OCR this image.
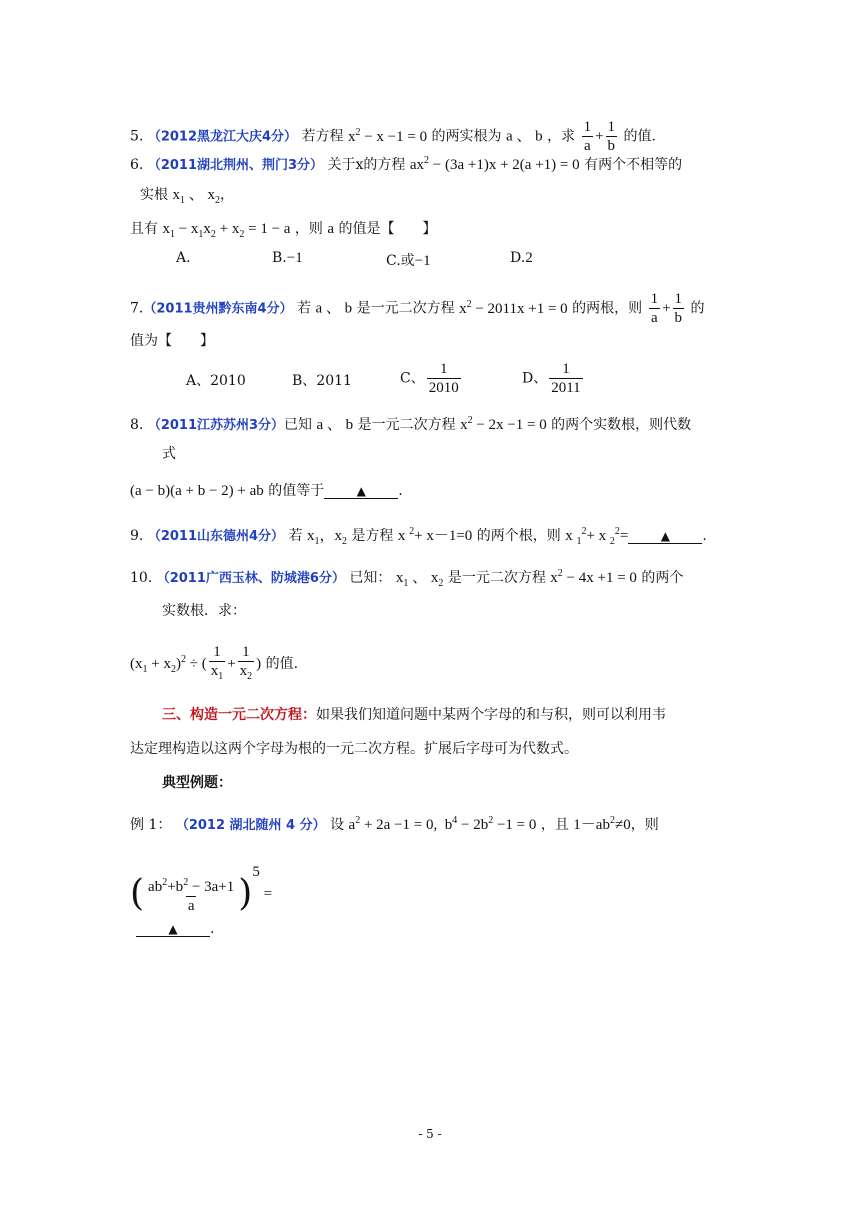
5. （2012黑龙江大庆4分） 若方程 $x^2 - x -1 = 0$ 的两实根为 a 、 b ，求 $\frac{1}{a} + \frac{1}{b}$ 的值.
6. （2011湖北荆州、荆门3分） 关于x的方程 $ax^2 - (3a +1)x + 2(a +1) = 0$ 有两个不相等的
实根 $x_1$ 、 $x_2$，
且有 $x_1 - x_1x_2 + x_2 = 1 - a$ ，则 a 的值是【　　】
A.	B.−1	C.或−1	D.2
7.（2011贵州黔东南4分） 若 a 、 b 是一元二次方程 $x^2 - 2011x +1 = 0$ 的两根，则 $\frac{1}{a} + \frac{1}{b}$ 的
值为【　　】
A、2010	B、2011	C、 $\frac{1}{2010}$	D、 $\frac{1}{2011}$
8. （2011江苏苏州3分）已知 a 、 b 是一元二次方程 $x^2 - 2x -1 = 0$ 的两个实数根，则代数
式
(a − b)(a + b − 2) + ab 的值等于	▲ .
9. （2011山东德州4分） 若 $x_1$，$x_2$ 是方程 x $^2$+ x－1=0 的两个根，则 x $_1^2$+ x $_2^2$=	▲ .
10. （2011广西玉林、防城港6分） 已知： $x_1$ 、 $x_2$ 是一元二次方程 $x^2 - 4x +1 = 0$ 的两个
实数根．求：
$(x_1 + x_2)^2$ ÷ ( $\frac{1}{x_1} + \frac{1}{x_2}$ ) 的值.
三、构造一元二次方程：如果我们知道问题中某两个字母的和与积，则可以利用韦
达定理构造以这两个字母为根的一元二次方程。扩展后字母可为代数式。
典型例题：
例 1： （2012 湖北随州 4 分） 设 $a^2 + 2a -1 = 0$,  $b^4 - 2b^2 -1 = 0$ ，且 $1-ab^2\ne 0$，则
( $\frac{ab^2+b^2 - 3a+1}{a} )^5$ =
▲ .
- 5 -
